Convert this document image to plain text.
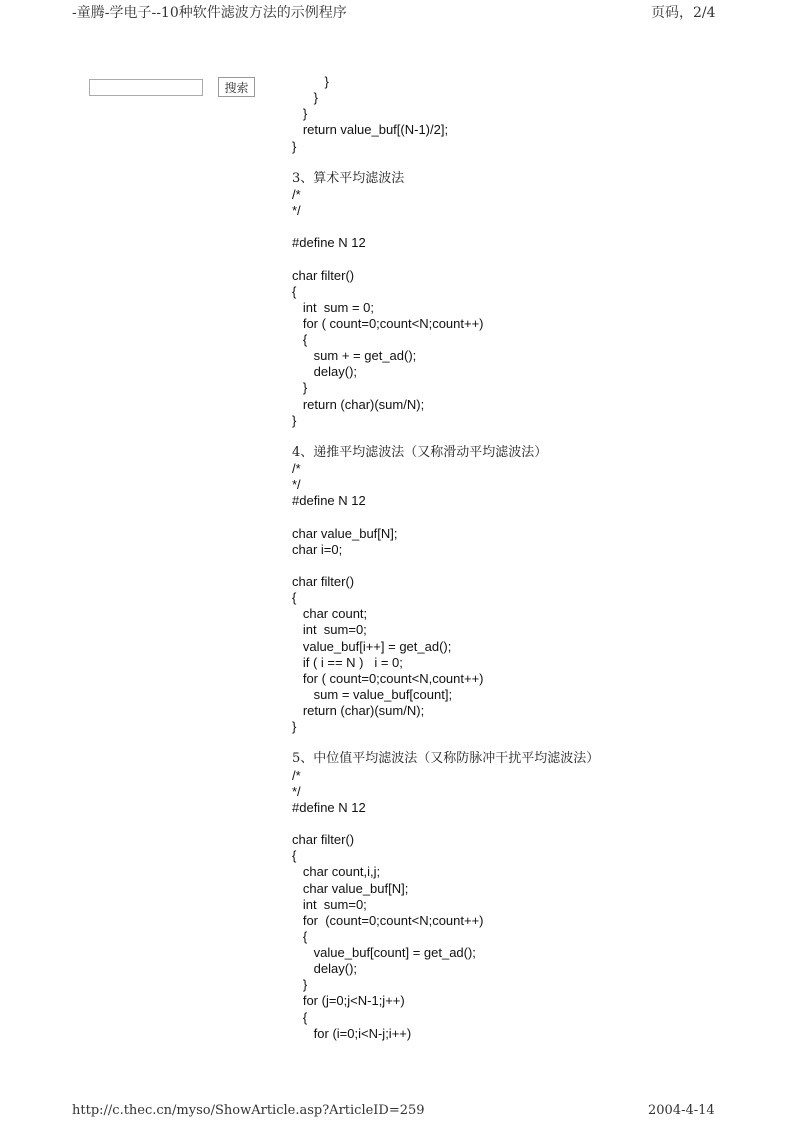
-童腾-学电子--10种软件滤波方法的示例程序	页码，2/4
搜索	}
}
}
return value_buf[(N-1)/2];
}
3、算术平均滤波法
/*
*/
#define N 12
char filter()
{
int  sum = 0;
for ( count=0;count<N;count++)
{
sum + = get_ad();
delay();
}
return (char)(sum/N);
}
4、递推平均滤波法（又称滑动平均滤波法）
/*
*/
#define N 12
char value_buf[N];
char i=0;
char filter()
{
char count;
int  sum=0;
value_buf[i++] = get_ad();
if ( i == N )   i = 0;
for ( count=0;count<N,count++)
sum = value_buf[count];
return (char)(sum/N);
}
5、中位值平均滤波法（又称防脉冲干扰平均滤波法）
/*
*/
#define N 12
char filter()
{
char count,i,j;
char value_buf[N];
int  sum=0;
for  (count=0;count<N;count++)
{
value_buf[count] = get_ad();
delay();
}
for (j=0;j<N-1;j++)
{
for (i=0;i<N-j;i++)
http://c.thec.cn/myso/ShowArticle.asp?ArticleID=259	2004-4-14
